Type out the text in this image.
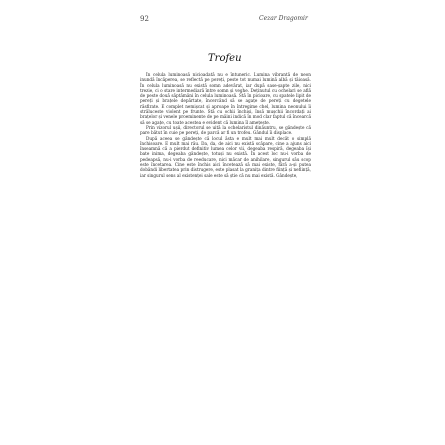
92	Cezar Dragomir
Trofeu

În celula luminoasă nicioadată nu e întuneric. Lumina vibrantă de neon inundă încăperea, se reflectă pe pereți, peste tot numai lumină albă și tăioasă. În celula luminoasă nu există somn adevărat, iar după sase-șapte zile, nici treziе, ci o stare intermediară între somn și veghe. Deținutul cu ochelari se află de peste două săptămâni în celula luminoasă. Stă în picioare, cu spatele lipit de pereți și brațele depărtate, încercând să se agațe de pereți cu degetele răsfirate. E complet nemișcat și aproape în întregime chel, lumina neonului îi străluceste violent pe frunte. Stă cu ochii închiși, însă mușchii încordați ai brațelor și venele proeminente de pe mâini indică în mod clar faptul că încearcă să se agațe, cu toate acestea e evident că lumina îl amețește.

Prin vizorul ușii, directorul se uită la ochelaristul dinăuntru, se gândește că pare bătut în cuie pe pereți, de parcă ar fi un trofeu. Gândul îi displace.

După aceea se gândește că locul ăsta e mult mai mult decât o simplă închisoare. E mult mai rău. Da, da, de aici nu există scăpare, cine a ajuns aici înseamnă că a pierdut definitiv lumea celor vii, degeaba respiră, degeaba își bate inima, degeaba gândește, totuși nu există. În acest loc nu-i vorba de pedeapsă, nu-i vorba de reeducare, nici măcar de anihilare, singurul său scop este încetarea. Cine este închis aici încetează să mai existe, fără a-și putea dobândi libertatea prin distrugere, este plasat la granița dintre ființă și neființă, iar singurul sens al existenței sale este să știe că nu mai există. Gândește,
